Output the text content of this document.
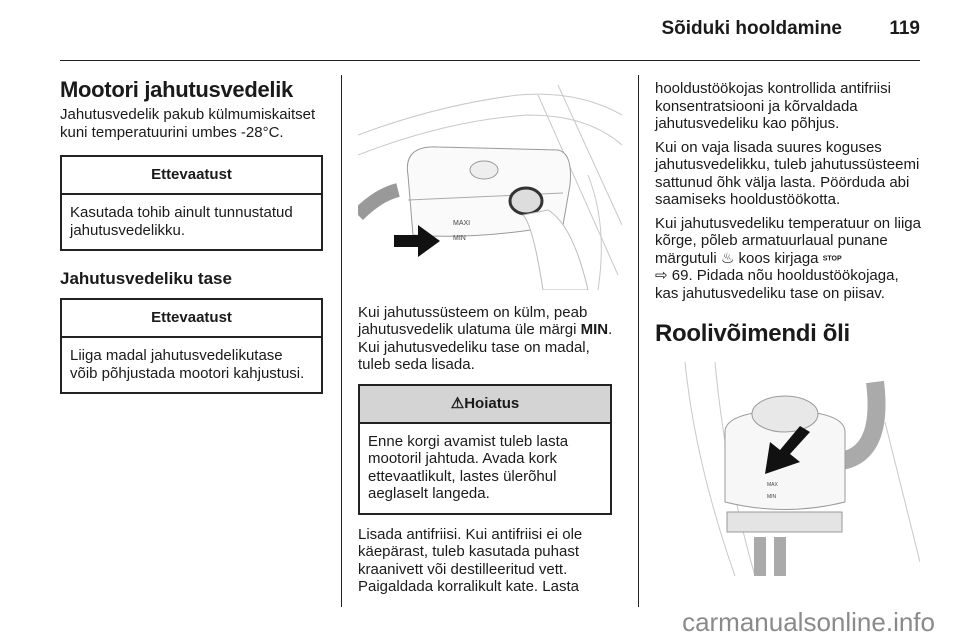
Sõiduki hooldamine 119
Mootori jahutusvedelik

Jahutusvedelik pakub külmumiskaitset kuni temperatuurini umbes -28°C.

Ettevaatust
Kasutada tohib ainult tunnustatud jahutusvedelikku.
Jahutusvedeliku tase
Ettevaatust
Liiga madal jahutusvedelikutase võib põhjustada mootori kahjustusi.
MAXI
MIN

Kui jahutussüsteem on külm, peab jahutusvedelik ulatuma üle märgi MIN. Kui jahutusvedeliku tase on madal, tuleb seda lisada.

⚠Hoiatus
Enne korgi avamist tuleb lasta mootoril jahtuda. Avada kork ettevaatlikult, lastes ülerõhul aeglaselt langeda.

Lisada antifriisi. Kui antifriisi ei ole käepärast, tuleb kasutada puhast kraanivett või destilleeritud vett. Paigaldada korralikult kate. Lasta

hooldustöökojas kontrollida antifriisi konsentratsiooni ja kõrvaldada jahutusvedeliku kao põhjus.

Kui on vaja lisada suures koguses jahutusvedelikku, tuleb jahutussüsteemi sattunud õhk välja lasta. Pöörduda abi saamiseks hooldustöökotta.

Kui jahutusvedeliku temperatuur on liiga kõrge, põleb armatuurlaual punane märgutuli ♨ koos kirjaga STOP
⇨ 69. Pidada nõu hooldustöökojaga, kas jahutusvedeliku tase on piisav.

Roolivõimendi õli
MAX
MIN
carmanualsonline.info
